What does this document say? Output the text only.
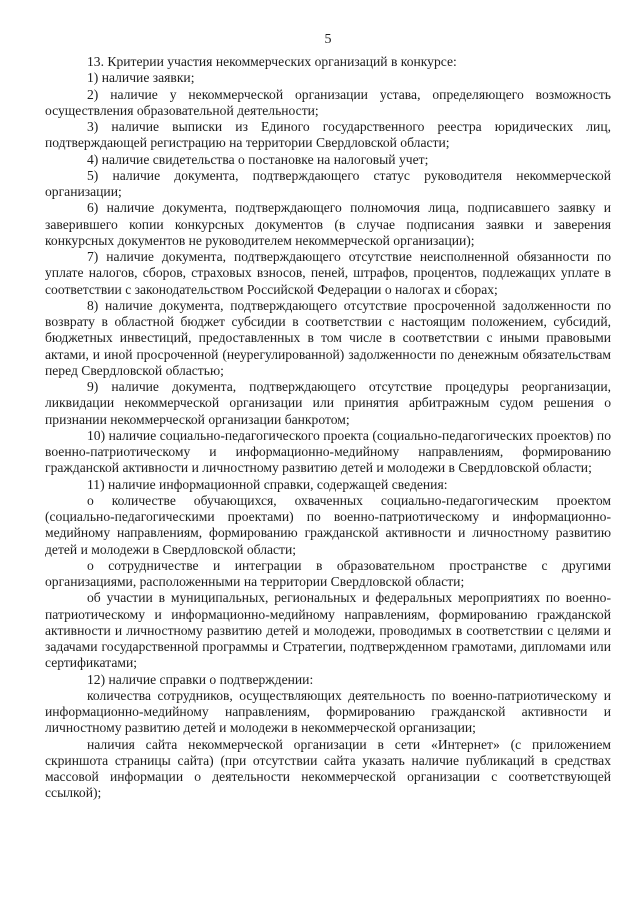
5

13. Критерии участия некоммерческих организаций в конкурсе:

1) наличие заявки;

2) наличие у некоммерческой организации устава, определяющего возможность осуществления образовательной деятельности;

3) наличие выписки из Единого государственного реестра юридических лиц, подтверждающей регистрацию на территории Свердловской области;

4) наличие свидетельства о постановке на налоговый учет;

5) наличие документа, подтверждающего статус руководителя некоммерческой организации;

6) наличие документа, подтверждающего полномочия лица, подписавшего заявку и заверившего копии конкурсных документов (в случае подписания заявки и заверения конкурсных документов не руководителем некоммерческой организации);

7) наличие документа, подтверждающего отсутствие неисполненной обязанности по уплате налогов, сборов, страховых взносов, пеней, штрафов, процентов, подлежащих уплате в соответствии с законодательством Российской Федерации о налогах и сборах;

8) наличие документа, подтверждающего отсутствие просроченной задолженности по возврату в областной бюджет субсидии в соответствии с настоящим положением, субсидий, бюджетных инвестиций, предоставленных в том числе в соответствии с иными правовыми актами, и иной просроченной (неурегулированной) задолженности по денежным обязательствам перед Свердловской областью;

9) наличие документа, подтверждающего отсутствие процедуры реорганизации, ликвидации некоммерческой организации или принятия арбитражным судом решения о признании некоммерческой организации банкротом;

10) наличие социально-педагогического проекта (социально-педагогических проектов) по военно-патриотическому и информационно-медийному направлениям, формированию гражданской активности и личностному развитию детей и молодежи в Свердловской области;

11) наличие информационной справки, содержащей сведения:

о количестве обучающихся, охваченных социально-педагогическим проектом (социально-педагогическими проектами) по военно-патриотическому и информационно-медийному направлениям, формированию гражданской активности и личностному развитию детей и молодежи в Свердловской области;

о сотрудничестве и интеграции в образовательном пространстве с другими организациями, расположенными на территории Свердловской области;

об участии в муниципальных, региональных и федеральных мероприятиях по военно-патриотическому и информационно-медийному направлениям, формированию гражданской активности и личностному развитию детей и молодежи, проводимых в соответствии с целями и задачами государственной программы и Стратегии, подтвержденном грамотами, дипломами или сертификатами;

12) наличие справки о подтверждении:

количества сотрудников, осуществляющих деятельность по военно-патриотическому и информационно-медийному направлениям, формированию гражданской активности и личностному развитию детей и молодежи в некоммерческой организации;

наличия сайта некоммерческой организации в сети «Интернет» (с приложением скриншота страницы сайта) (при отсутствии сайта указать наличие публикаций в средствах массовой информации о деятельности некоммерческой организации с соответствующей ссылкой);
